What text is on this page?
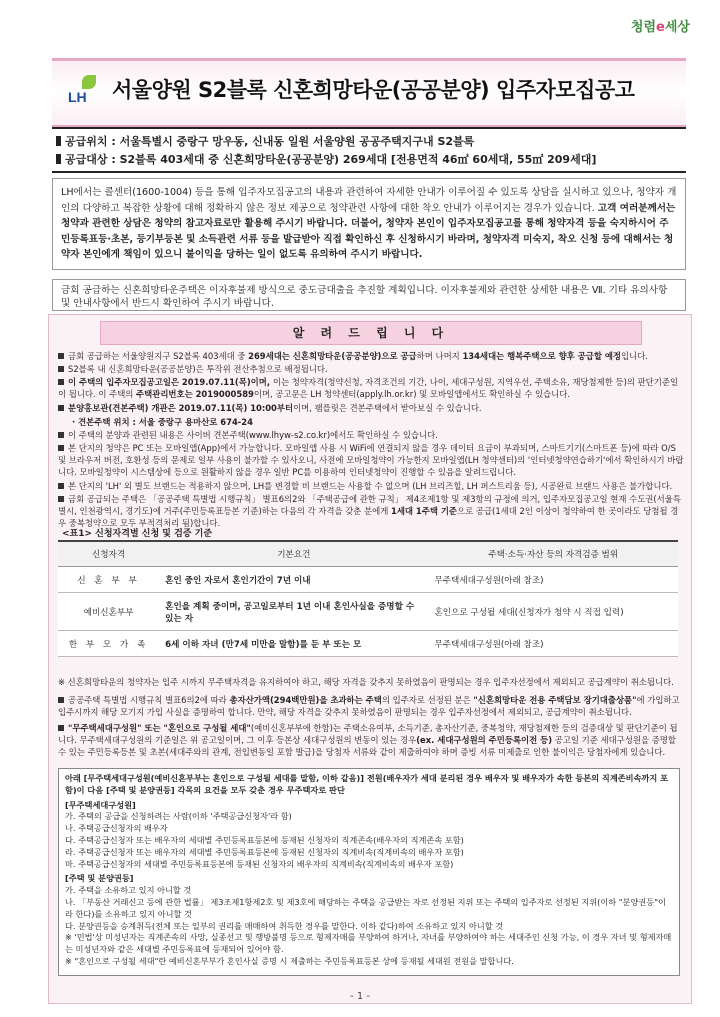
청렴e세상
LH 서울양원 S2블록 신혼희망타운(공공분양) 입주자모집공고
공급위치 : 서울특별시 중랑구 망우동, 신내동 일원 서울양원 공공주택지구내 S2블록
공급대상 : S2블록 403세대 중 신혼희망타운(공공분양) 269세대 [전용면적 46㎡ 60세대, 55㎡ 209세대]
LH에서는 콜센터(1600-1004) 등을 통해 입주자모집공고의 내용과 관련하여 자세한 안내가 이루어질 수 있도록 상담을 실시하고 있으나, 청약자 개인의 다양하고 복잡한 상황에 대해 정확하지 않은 정보 제공으로 청약관련 사항에 대한 착오 안내가 이루어지는 경우가 있습니다. 고객 여러분께서는 청약과 관련한 상담은 청약의 참고자료로만 활용해 주시기 바랍니다. 더불어, 청약자 본인이 입주자모집공고를 통해 청약자격 등을 숙지하시어 주민등록표등·초본, 등기부등본 및 소득관련 서류 등을 발급받아 직접 확인하신 후 신청하시기 바라며, 청약자격 미숙지, 착오 신청 등에 대해서는 청약자 본인에게 책임이 있으니 불이익을 당하는 일이 없도록 유의하여 주시기 바랍니다.
금회 공급하는 신혼희망타운주택은 이자후불제 방식으로 중도금대출을 추진할 계획입니다. 이자후불제와 관련한 상세한 내용은 Ⅶ. 기타 유의사항 및 안내사항에서 반드시 확인하여 주시기 바랍니다.
알 려 드 립 니 다
금회 공급하는 서울양원지구 S2블록 403세대 중 269세대는 신혼희망타운(공공분양)으로 공급하며 나머지 134세대는 행복주택으로 향후 공급할 예정입니다.
S2블록 내 신혼희망타운(공공분양)은 투작위 전산추첨으로 배정됩니다.
이 주택의 입주자모집공고일은 2019.07.11(목)이며, 이는 청약자격(청약신청, 자격조건의 기간, 나이, 세대구성원, 지역우선, 주택소유, 재당첨제한 등)의 판단기준일이 됩니다. 이 주택의 주택관리번호는 2019000589이며, 공고문은 LH 청약센터(apply.lh.or.kr) 및 모바일앱에서도 확인하실 수 있습니다.
분양홍보관(견본주택) 개관은 2019.07.11(목) 10:00부터이며, 팸플릿은 견본주택에서 받아보실 수 있습니다.
· 견본주택 위치 : 서울 중랑구 용마산로 674-24
이 주택의 분양과 관련된 내용은 사이버 견본주택(www.lhyw-s2.co.kr)에서도 확인하실 수 있습니다.
본 단지의 청약은 PC 또는 모바일앱(App)에서 가능합니다. 모바일앱 사용 시 WiFi에 연결되지 않을 경우 데이터 요금이 부과되며, 스마트기기(스마트폰 등)에 따라 O/S 및 브라우저 버전, 호환성 등의 문제로 일부 사용이 불가할 수 있사오니, 사전에 모바일청약이 가능한지 모바일앱(LH 청약센터)의 '인터넷청약연습하기'에서 확인하시기 바랍니다. 모바일청약이 시스템상에 등으로 원활하지 않을 경우 일반 PC를 이용하여 인터넷청약이 진행할 수 있음을 알려드립니다.
본 단지의 'LH' 외 별도 브랜드는 적용하지 않으며, LH를 변경할 비 브랜드는 사용할 수 없으며 (LH 브리즈힐, LH 퍼스트리움 등), 시공완료 브랜드 사용은 불가합니다.
금회 공급되는 주택은 「공공주택 특별법 시행규칙」 별표6의2와 「주택공급에 관한 규칙」 제4조제1항 및 제3항의 규정에 의거, 입주자모집공고일 현재 수도권(서울특별시, 인천광역시, 경기도)에 거주(주민등록표등본 기준)하는 다음의 각 자격을 갖춘 분에게 1세대 1주택 기준으로 공급(1세대 2인 이상이 청약하여 한 곳이라도 당첨될 경우 중복청약으로 모두 부적격처리 됨)합니다.
<표1> 신청자격별 신청 및 검증 기준
신청자격	기본요건	주택·소득·자산 등의 자격검증 범위
신 혼 부 부	혼인 중인 자로서 혼인기간이 7년 이내	무주택세대구성원(아래 참조)
예비신혼부부	혼인을 계획 중이며, 공고일로부터 1년 이내 혼인사실을 증명할 수 있는 자	혼인으로 구성될 세대(신청자가 청약 시 직접 입력)
한 부 모 가 족	6세 이하 자녀 (만7세 미만을 말함)를 둔 부 또는 모	무주택세대구성원(아래 참조)
※ 신혼희망타운의 청약자는 입주 시까지 무주택자격을 유지하여야 하고, 해당 자격을 갖추지 못하였음이 판명되는 경우 입주자선정에서 제외되고 공급계약이 취소됩니다.
공공주택 특별법 시행규칙 별표6의2에 따라 총자산가액(294백만원)을 초과하는 주택의 입주자로 선정된 분은 "신혼희망타운 전용 주택담보 장기대출상품"에 가입하고 입주시까지 해당 모기지 가입 사실을 증명하여 합니다. 만약, 해당 자격을 갖추지 못하였음이 판명되는 경우 입주자선정에서 제외되고, 공급계약이 취소됩니다.
"무주택세대구성원" 또는 "혼인으로 구성될 세대"(예비신혼부부에 한함)는 주택소유여부, 소득기준, 총자산기준, 중복청약, 재당첨제한 등의 검증대상 및 판단기준이 됩니다. 무주택세대구성원의 기준일은 위 공고일이며, 그 이후 등본상 세대구성원의 변동이 있는 경우(ex. 세대구성원의 주민등록이전 등) 공고일 기준 세대구성원을 증명할 수 있는 주민등록등본 및 초본(세대주와의 관계, 전입변동일 포함 발급)을 당첨자 서류와 같이 제출하여야 하며 증빙 서류 미제출로 인한 불이익은 당첨자에게 있습니다.
아래 [무주택세대구성원(예비신혼부부는 혼인으로 구성될 세대를 말함, 이하 같음)] 전원(배우자가 세대 분리된 경우 배우자 및 배우자가 속한 등본의 직계존비속까지 포함)이 다음 [주택 및 분양권등] 각목의 요건을 모두 갖춘 경우 무주택자로 판단
[무주택세대구성원]
가. 주택의 공급을 신청하려는 사람(이하 '주택공급신청자'라 함)
나. 주택공급신청자의 배우자
다. 주택공급신청자 또는 배우자의 세대별 주민등록표등본에 등재된 신청자의 직계존속(배우자의 직계존속 포함)
라. 주택공급신청자 또는 배우자의 세대별 주민등록표등본에 등재된 신청자의 직계비속(직계비속의 배우자 포함)
마. 주택공급신청자의 세대별 주민등록표등본에 등재된 신청자의 배우자의 직계비속(직계비속의 배우자 포함)
[주택 및 분양권등]
가. 주택을 소유하고 있지 아니할 것
나. 「부동산 거래신고 등에 관한 법률」 제3조제1항제2호 및 제3호에 해당하는 주택을 공급받는 자로 선정된 지위 또는 주택의 입주자로 선정된 지위(이하 "분양권등"이라 한다)를 소유하고 있지 아니할 것
다. 분양권등을 승계취득(전체 또는 일부의 권리를 매매하여 취득한 경우를 말한다. 이하 같다)하여 소유하고 있지 아니할 것
※ '민법'상 미성년자는 직계존속의 사망, 실종선고 및 행방불명 등으로 형제자매를 부양하여 하거나, 자녀를 부양하여야 하는 세대주인 신청 가능, 이 경우 자녀 및 형제자매는 미성년자와 같은 세대별 주민등록표에 등재되어 있어야 함.
※ "혼인으로 구성될 세대"란 예비신혼부부가 혼인사실 증명 시 제출하는 주민등록표등본 상에 등재될 세대원 전원을 말합니다.
- 1 -
